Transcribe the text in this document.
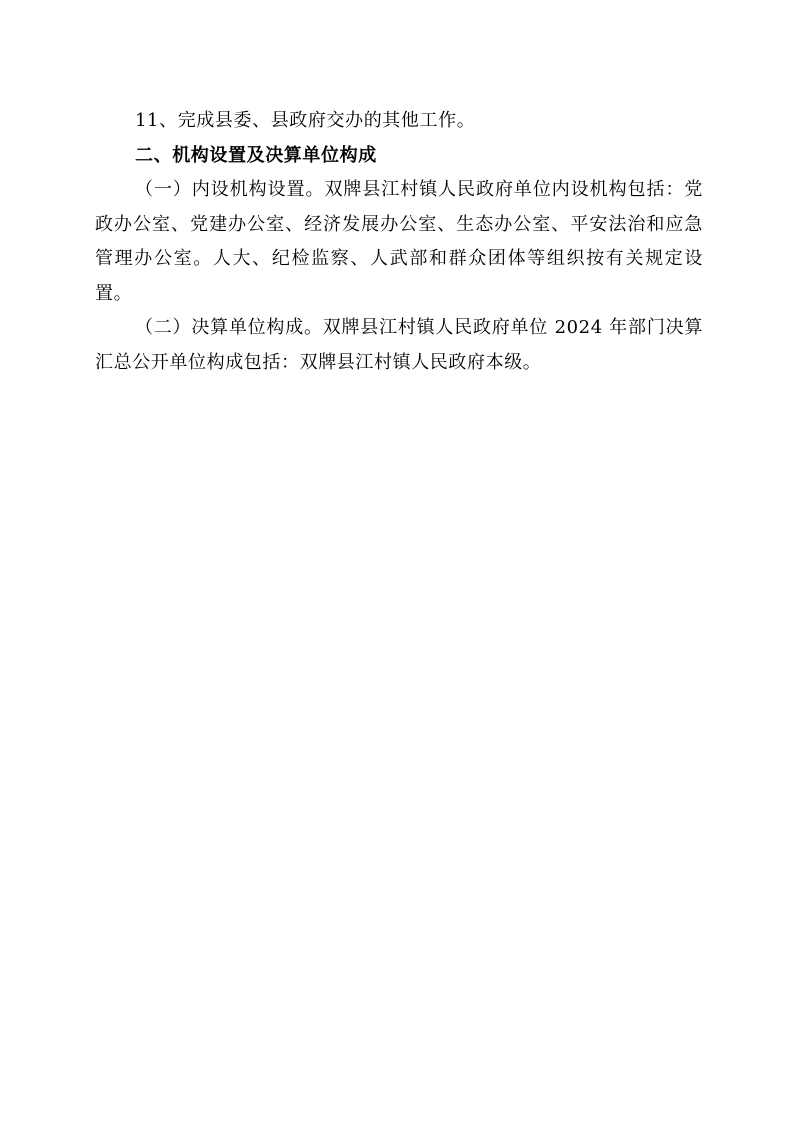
11、完成县委、县政府交办的其他工作。

二、机构设置及决算单位构成

（一）内设机构设置。双牌县江村镇人民政府单位内设机构包括：党政办公室、党建办公室、经济发展办公室、生态办公室、平安法治和应急管理办公室。人大、纪检监察、人武部和群众团体等组织按有关规定设置。

（二）决算单位构成。双牌县江村镇人民政府单位 2024 年部门决算汇总公开单位构成包括：双牌县江村镇人民政府本级。
